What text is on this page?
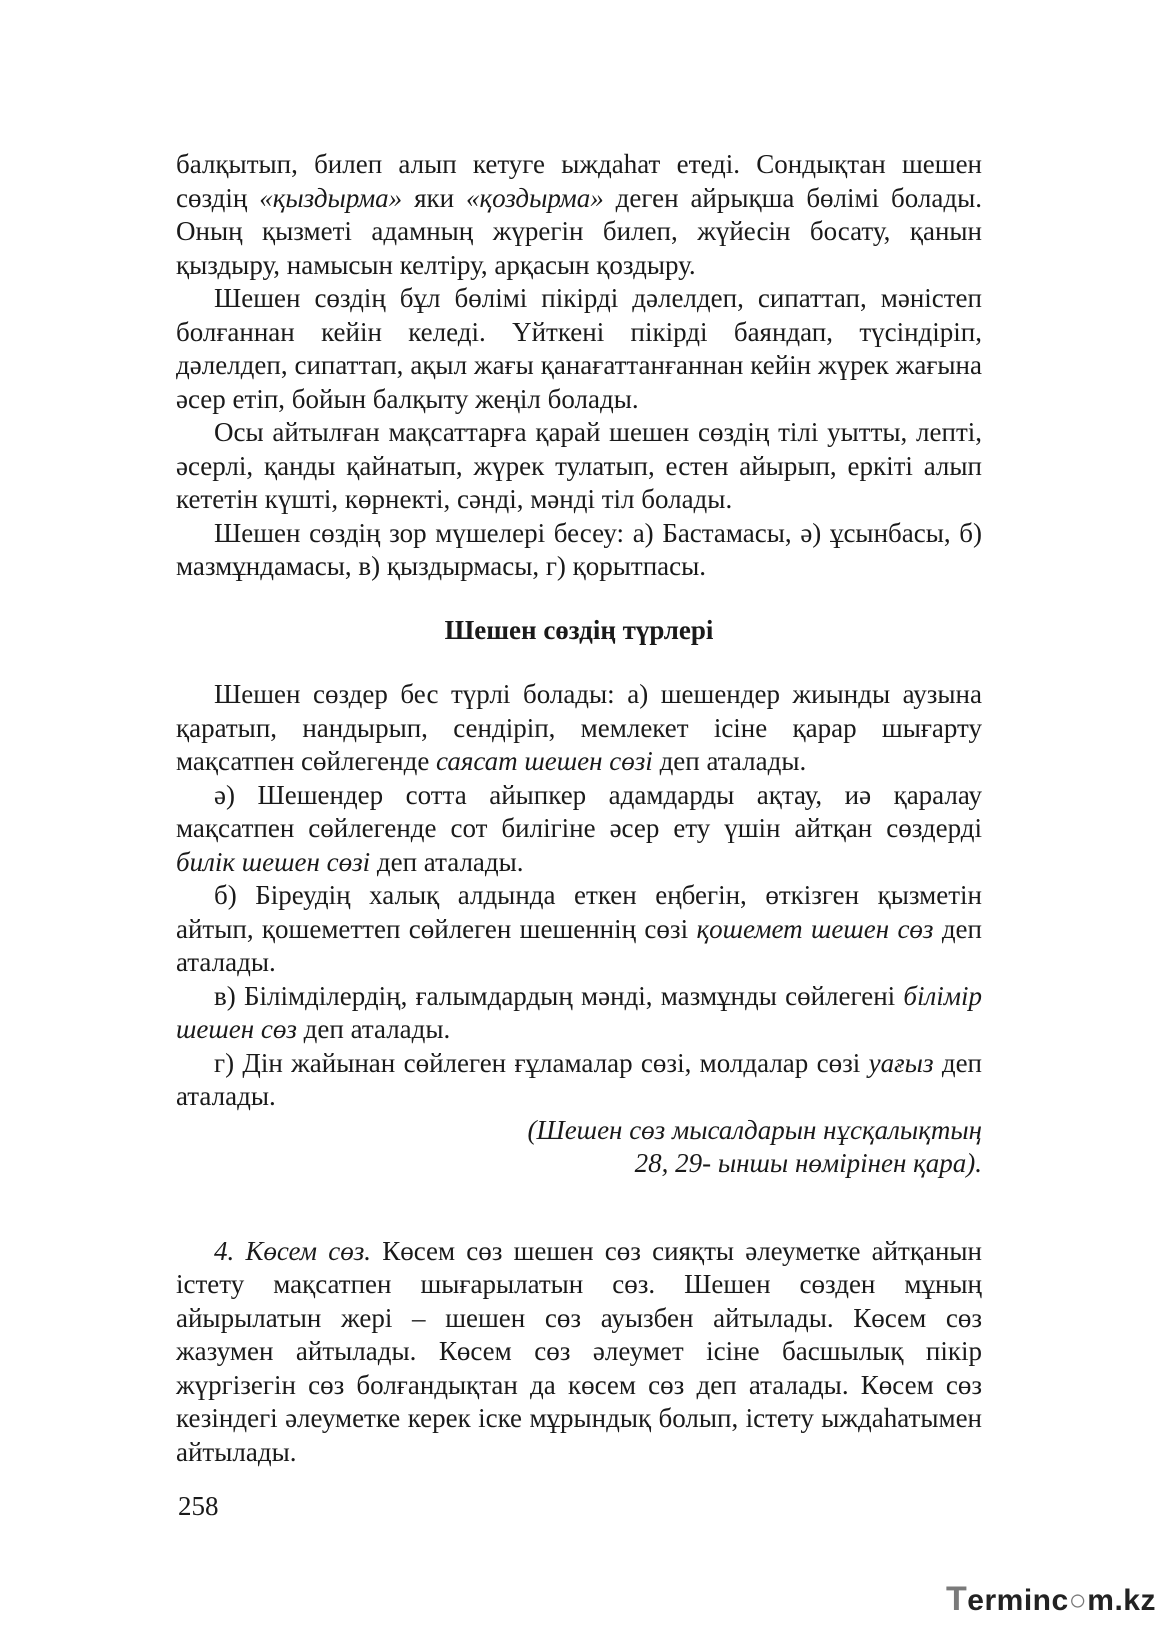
балқытып, билеп алып кетуге ыждаһат етеді. Сондықтан шешен сөздің «қыздырма» яки «қоздырма» деген айрықша бөлімі болады. Оның қызметі адамның жүрегін билеп, жүйесін босату, қанын қыздыру, намысын келтіру, арқасын қоздыру.

Шешен сөздің бұл бөлімі пікірді дәлелдеп, сипаттап, мәністеп болғаннан кейін келеді. Үйткені пікірді баяндап, түсіндіріп, дәлелдеп, сипаттап, ақыл жағы қанағаттанғаннан кейін жүрек жағына әсер етіп, бойын балқыту жеңіл болады.

Осы айтылған мақсаттарға қарай шешен сөздің тілі уытты, лепті, әсерлі, қанды қайнатып, жүрек тулатып, естен айырып, еркіті алып кететін күшті, көрнекті, сәнді, мәнді тіл болады.

Шешен сөздің зор мүшелері бесеу: а) Бастамасы, ә) ұсынбасы, б) мазмұндамасы, в) қыздырмасы, г) қорытпасы.

Шешен сөздің түрлері

Шешен сөздер бес түрлі болады: а) шешендер жиынды аузына қаратып, нандырып, сендіріп, мемлекет ісіне қарар шығарту мақсатпен сөйлегенде саясат шешен сөзі деп аталады.

ә) Шешендер сотта айыпкер адамдарды ақтау, иә қаралау мақсатпен сөйлегенде сот билігіне әсер ету үшін айтқан сөздерді билік шешен сөзі деп аталады.

б) Біреудің халық алдында еткен еңбегін, өткізген қызметін айтып, қошеметтеп сөйлеген шешеннің сөзі қошемет шешен сөз деп аталады.

в) Білімділердің, ғалымдардың мәнді, мазмұнды сөйлегені білімір шешен сөз деп аталады.

г) Дін жайынан сөйлеген ғұламалар сөзі, молдалар сөзі уағыз деп аталады.

(Шешен сөз мысалдарын нұсқалықтың
28, 29- ыншы нөмірінен қара).

4. Көсем сөз. Көсем сөз шешен сөз сияқты әлеуметке айтқанын істету мақсатпен шығарылатын сөз. Шешен сөзден мұның айырылатын жері – шешен сөз ауызбен айтылады. Көсем сөз жазумен айтылады. Көсем сөз әлеумет ісіне басшылық пікір жүргізегін сөз болғандықтан да көсем сөз деп аталады. Көсем сөз кезіндегі әлеуметке керек іске мұрындық болып, істету ыждаһатымен айтылады.

258
Terminc○m.kz
